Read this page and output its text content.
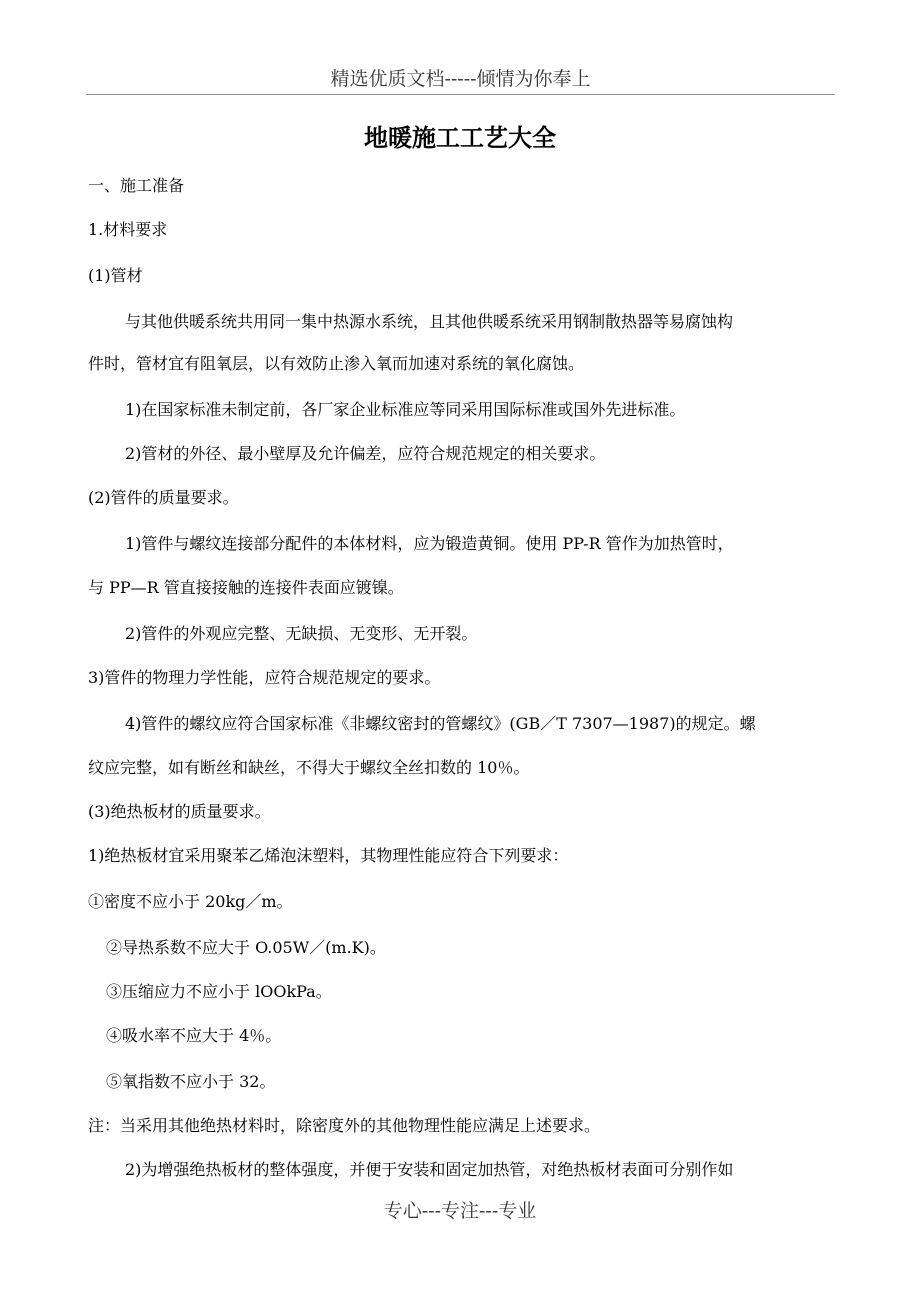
精选优质文档-----倾情为你奉上
地暖施工工艺大全
一、施工准备
1.材料要求
(1)管材
与其他供暖系统共用同一集中热源水系统，且其他供暖系统采用钢制散热器等易腐蚀构
件时，管材宜有阻氧层，以有效防止渗入氧而加速对系统的氧化腐蚀。
1)在国家标准未制定前，各厂家企业标准应等同采用国际标准或国外先进标准。
2)管材的外径、最小壁厚及允许偏差，应符合规范规定的相关要求。
(2)管件的质量要求。
1)管件与螺纹连接部分配件的本体材料，应为锻造黄铜。使用 PP-R 管作为加热管时，
与 PP—R 管直接接触的连接件表面应镀镍。
2)管件的外观应完整、无缺损、无变形、无开裂。
3)管件的物理力学性能，应符合规范规定的要求。
4)管件的螺纹应符合国家标准《非螺纹密封的管螺纹》(GB／T 7307—1987)的规定。螺
纹应完整，如有断丝和缺丝，不得大于螺纹全丝扣数的 10％。
(3)绝热板材的质量要求。
1)绝热板材宜采用聚苯乙烯泡沫塑料，其物理性能应符合下列要求：
①密度不应小于 20kg／m。
②导热系数不应大于 O.05W／(m.K)。
③压缩应力不应小于 lOOkPa。
④吸水率不应大于 4％。
⑤氧指数不应小于 32。
注：当采用其他绝热材料时，除密度外的其他物理性能应满足上述要求。
2)为增强绝热板材的整体强度，并便于安装和固定加热管，对绝热板材表面可分别作如
专心---专注---专业
